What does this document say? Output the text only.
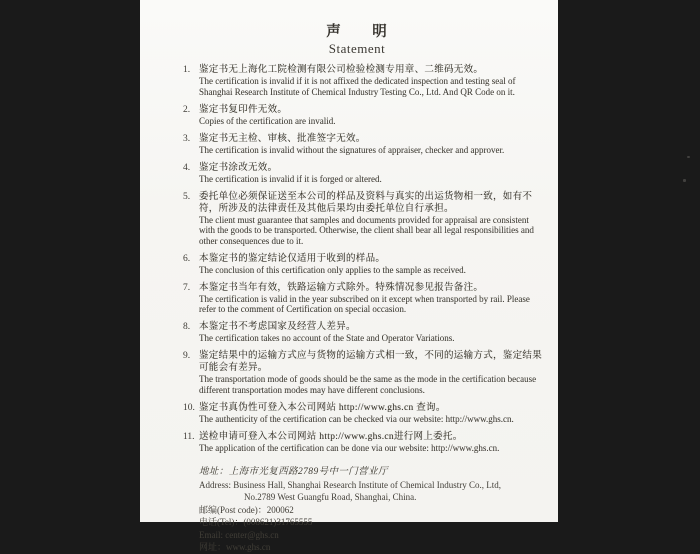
声 明
Statement
1. 鉴定书无上海化工院检测有限公司检验检测专用章、二维码无效。
The certification is invalid if it is not affixed the dedicated inspection and testing seal of Shanghai Research Institute of Chemical Industry Testing Co., Ltd. And QR Code on it.
2. 鉴定书复印件无效。
Copies of the certification are invalid.
3. 鉴定书无主检、审核、批准签字无效。
The certification is invalid without the signatures of appraiser, checker and approver.
4. 鉴定书涂改无效。
The certification is invalid if it is forged or altered.
5. 委托单位必须保证送至本公司的样品及资料与真实的出运货物相一致，如有不符，所涉及的法律责任及其他后果均由委托单位自行承担。
The client must guarantee that samples and documents provided for appraisal are consistent with the goods to be transported. Otherwise, the client shall bear all legal responsibilities and other consequences due to it.
6. 本鉴定书的鉴定结论仅适用于收到的样品。
The conclusion of this certification only applies to the sample as received.
7. 本鉴定书当年有效，铁路运输方式除外。特殊情况参见报告备注。
The certification is valid in the year subscribed on it except when transported by rail. Please refer to the comment of Certification on special occasion.
8. 本鉴定书不考虑国家及经营人差异。
The certification takes no account of the State and Operator Variations.
9. 鉴定结果中的运输方式应与货物的运输方式相一致，不同的运输方式，鉴定结果可能会有差异。
The transportation mode of goods should be the same as the mode in the certification because different transportation modes may have different conclusions.
10. 鉴定书真伪性可登入本公司网站 http://www.ghs.cn 查询。
The authenticity of the certification can be checked via our website: http://www.ghs.cn.
11. 送检申请可登入本公司网站 http://www.ghs.cn进行网上委托。
The application of the certification can be done via our website: http://www.ghs.cn.
地址：上海市光复西路2789号中一门营业厅
Address: Business Hall, Shanghai Research Institute of Chemical Industry Co., Ltd,
No.2789 West Guangfu Road, Shanghai, China.
邮编(Post code)：200062
电话(Tel)：(008621)31765555
Email: center@ghs.cn
网址：www.ghs.cn
